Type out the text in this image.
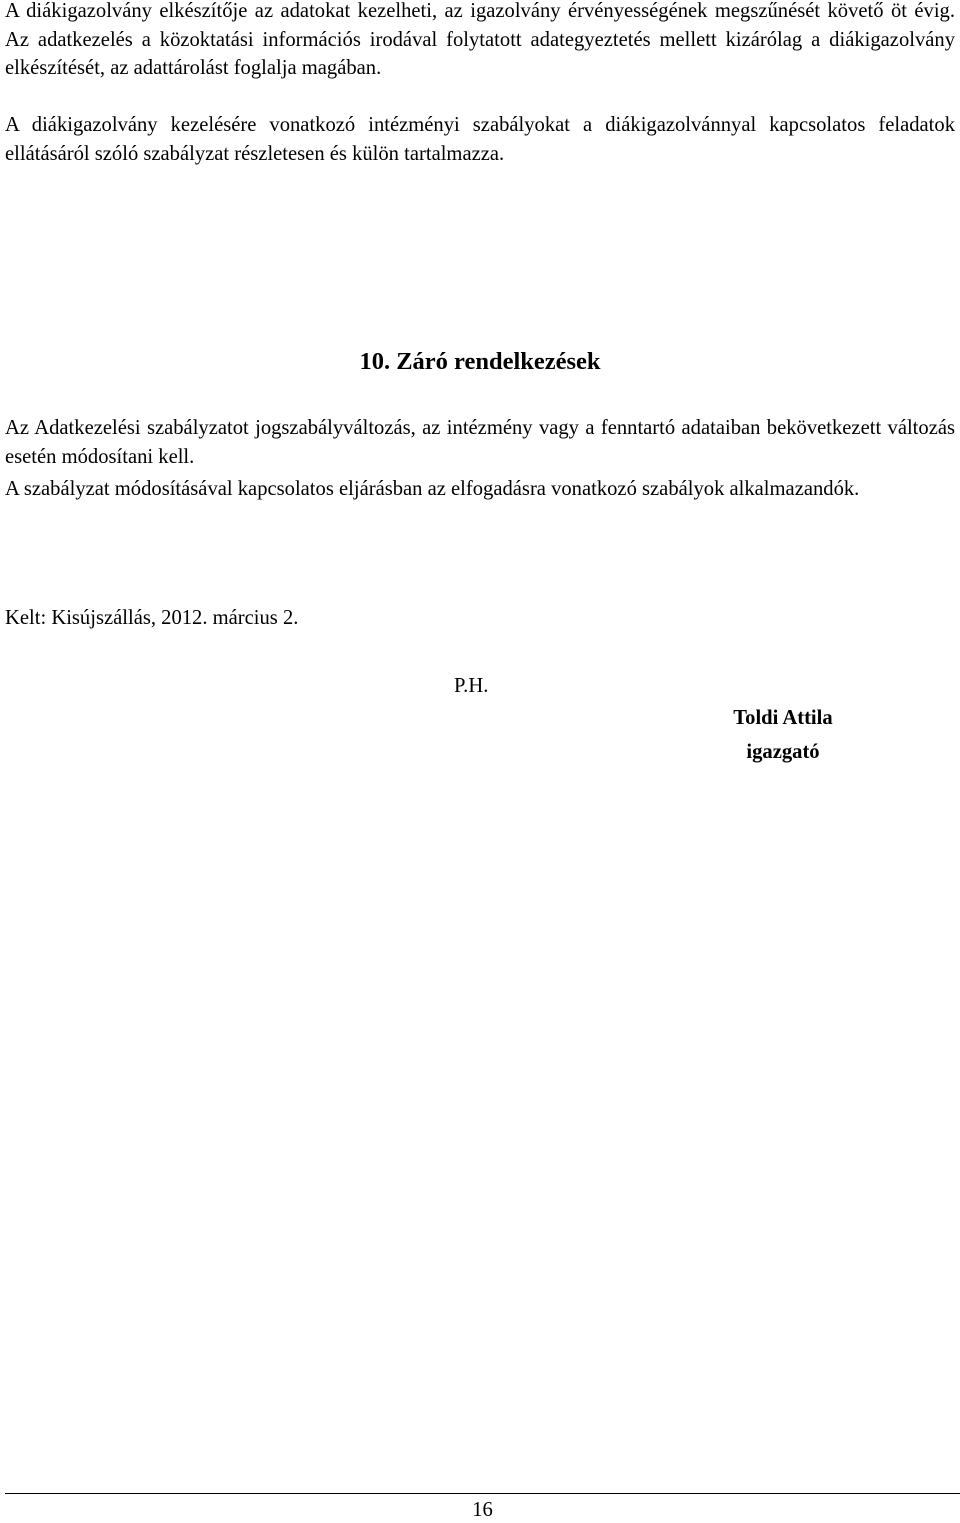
A diákigazolvány elkészítője az adatokat kezelheti, az igazolvány érvényességének megszűnését követő öt évig. Az adatkezelés a közoktatási információs irodával folytatott adategyeztetés mellett kizárólag a diákigazolvány elkészítését, az adattárolást foglalja magában.

A diákigazolvány kezelésére vonatkozó intézményi szabályokat a diákigazolvánnyal kapcsolatos feladatok ellátásáról szóló szabályzat részletesen és külön tartalmazza.

10. Záró rendelkezések

Az Adatkezelési szabályzatot jogszabályváltozás, az intézmény vagy a fenntartó adataiban bekövetkezett változás esetén módosítani kell.

A szabályzat módosításával kapcsolatos eljárásban az elfogadásra vonatkozó szabályok alkalmazandók.

Kelt: Kisújszállás, 2012. március 2.

P.H.

Toldi Attila

igazgató

16
